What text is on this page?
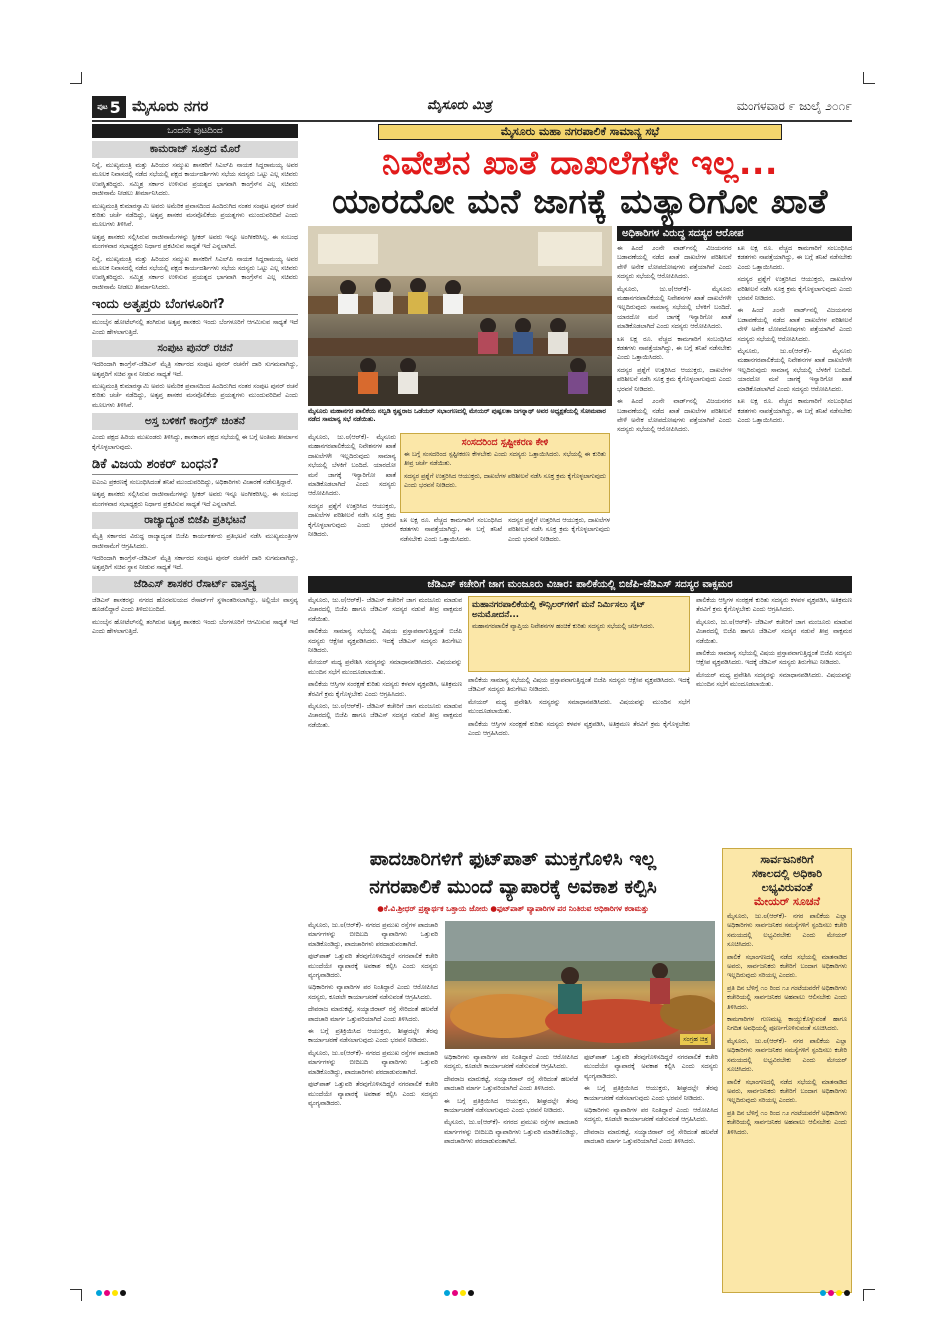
ಪುಟ 5 ಮೈಸೂರು ನಗರ	ಮೈಸೂರು ಮಿತ್ರ	ಮಂಗಳವಾರ ೯ ಜುಲೈ ೨೦೧೯
ಒಂದನೇ ಪುಟದಿಂದ
ಕಾಮರಾಜ್ ಸೂತ್ರದ ಮೊರೆ

ನಿನ್ನೆ, ಮುಖ್ಯಮಂತ್ರಿ ಮತ್ತು ಹಿರಿಯರ ಸಮ್ಮುಖ ಶಾಸಕರಿಗೆ ಸಿಎಲ್‌ಪಿ ನಾಯಕ ಸಿದ್ದರಾಮಯ್ಯ ಅವರ ಮೂಲಕ ನಿವಾಸದಲ್ಲಿ ನಡೆದ ಸಭೆಯಲ್ಲಿ ಪಕ್ಷದ ಕಾರ್ಯದರ್ಶಿಗಳು ಸಭೆಯ ಸದಸ್ಯರು ಒಟ್ಟು ಎಲ್ಲ ಸಚಿವರು ಉಪಸ್ಥಿತರಿದ್ದರು. ಸಮ್ಮಿಶ್ರ ಸರ್ಕಾರ ಉಳಿಸುವ ಪ್ರಯತ್ನದ ಭಾಗವಾಗಿ ಕಾಂಗ್ರೆಸ್‌ನ ಎಲ್ಲ ಸಚಿವರು ರಾಜೀನಾಮೆ ನೀಡಲು ತೀರ್ಮಾನಿಸಿದರು.

ಮುಖ್ಯಮಂತ್ರಿ ಕುಮಾರಸ್ವಾಮಿ ಅವರು ಅಮೆರಿಕ ಪ್ರವಾಸದಿಂದ ಹಿಂದಿರುಗಿದ ನಂತರ ಸಂಪುಟ ಪುನರ್ ರಚನೆ ಕುರಿತು ಚರ್ಚೆ ನಡೆದಿದ್ದು, ಅತೃಪ್ತ ಶಾಸಕರ ಮನವೊಲಿಕೆಯ ಪ್ರಯತ್ನಗಳು ಮುಂದುವರಿದಿವೆ ಎಂದು ಮೂಲಗಳು ತಿಳಿಸಿವೆ.

ಅತೃಪ್ತ ಶಾಸಕರು ಸಲ್ಲಿಸಿರುವ ರಾಜೀನಾಮೆಗಳನ್ನು ಸ್ಪೀಕರ್ ಅವರು ಇನ್ನೂ ಅಂಗೀಕರಿಸಿಲ್ಲ. ಈ ಸಂಬಂಧ ಮಂಗಳವಾರ ಸಭಾಧ್ಯಕ್ಷರು ನಿರ್ಧಾರ ಪ್ರಕಟಿಸುವ ಸಾಧ್ಯತೆ ಇದೆ ಎನ್ನಲಾಗಿದೆ.

ನಿನ್ನೆ, ಮುಖ್ಯಮಂತ್ರಿ ಮತ್ತು ಹಿರಿಯರ ಸಮ್ಮುಖ ಶಾಸಕರಿಗೆ ಸಿಎಲ್‌ಪಿ ನಾಯಕ ಸಿದ್ದರಾಮಯ್ಯ ಅವರ ಮೂಲಕ ನಿವಾಸದಲ್ಲಿ ನಡೆದ ಸಭೆಯಲ್ಲಿ ಪಕ್ಷದ ಕಾರ್ಯದರ್ಶಿಗಳು ಸಭೆಯ ಸದಸ್ಯರು ಒಟ್ಟು ಎಲ್ಲ ಸಚಿವರು ಉಪಸ್ಥಿತರಿದ್ದರು. ಸಮ್ಮಿಶ್ರ ಸರ್ಕಾರ ಉಳಿಸುವ ಪ್ರಯತ್ನದ ಭಾಗವಾಗಿ ಕಾಂಗ್ರೆಸ್‌ನ ಎಲ್ಲ ಸಚಿವರು ರಾಜೀನಾಮೆ ನೀಡಲು ತೀರ್ಮಾನಿಸಿದರು.

ಇಂದು ಅತೃಪ್ತರು ಬೆಂಗಳೂರಿಗೆ?

ಮುಂಬೈನ ಹೋಟೆಲ್‌ನಲ್ಲಿ ತಂಗಿರುವ ಅತೃಪ್ತ ಶಾಸಕರು ಇಂದು ಬೆಂಗಳೂರಿಗೆ ಆಗಮಿಸುವ ಸಾಧ್ಯತೆ ಇದೆ ಎಂದು ಹೇಳಲಾಗುತ್ತಿದೆ.

ಸಂಪುಟ ಪುನರ್ ರಚನೆ

ಇದರಿಂದಾಗಿ ಕಾಂಗ್ರೆಸ್-ಜೆಡಿಎಸ್ ಮೈತ್ರಿ ಸರ್ಕಾರದ ಸಂಪುಟ ಪುನರ್ ರಚನೆಗೆ ದಾರಿ ಸುಗಮವಾಗಿದ್ದು, ಅತೃಪ್ತರಿಗೆ ಸಚಿವ ಸ್ಥಾನ ನೀಡುವ ಸಾಧ್ಯತೆ ಇದೆ.

ಮುಖ್ಯಮಂತ್ರಿ ಕುಮಾರಸ್ವಾಮಿ ಅವರು ಅಮೆರಿಕ ಪ್ರವಾಸದಿಂದ ಹಿಂದಿರುಗಿದ ನಂತರ ಸಂಪುಟ ಪುನರ್ ರಚನೆ ಕುರಿತು ಚರ್ಚೆ ನಡೆದಿದ್ದು, ಅತೃಪ್ತ ಶಾಸಕರ ಮನವೊಲಿಕೆಯ ಪ್ರಯತ್ನಗಳು ಮುಂದುವರಿದಿವೆ ಎಂದು ಮೂಲಗಳು ತಿಳಿಸಿವೆ.

ಅಸ್ತ ಬಳಿಕಗೆ ಕಾಂಗ್ರೆಸ್ ಚಿಂತನೆ

ಎಂದು ಪಕ್ಷದ ಹಿರಿಯ ಮುಖಂಡರು ತಿಳಿಸಿದ್ದು, ಶಾಸಕಾಂಗ ಪಕ್ಷದ ಸಭೆಯಲ್ಲಿ ಈ ಬಗ್ಗೆ ಅಂತಿಮ ತೀರ್ಮಾನ ಕೈಗೊಳ್ಳಲಾಗುವುದು.

ಡಿಕೆ ವಿಜಯ ಶಂಕರ್ ಬಂಧನ?

ಐಎಂಎ ಪ್ರಕರಣಕ್ಕೆ ಸಂಬಂಧಿಸಿದಂತೆ ತನಿಖೆ ಮುಂದುವರಿದಿದ್ದು, ಅಧಿಕಾರಿಗಳು ವಿಚಾರಣೆ ನಡೆಸುತ್ತಿದ್ದಾರೆ.

ಅತೃಪ್ತ ಶಾಸಕರು ಸಲ್ಲಿಸಿರುವ ರಾಜೀನಾಮೆಗಳನ್ನು ಸ್ಪೀಕರ್ ಅವರು ಇನ್ನೂ ಅಂಗೀಕರಿಸಿಲ್ಲ. ಈ ಸಂಬಂಧ ಮಂಗಳವಾರ ಸಭಾಧ್ಯಕ್ಷರು ನಿರ್ಧಾರ ಪ್ರಕಟಿಸುವ ಸಾಧ್ಯತೆ ಇದೆ ಎನ್ನಲಾಗಿದೆ.

ರಾಜ್ಯಾದ್ಯಂತ ಬಿಜೆಪಿ ಪ್ರತಿಭಟನೆ

ಮೈತ್ರಿ ಸರ್ಕಾರದ ವಿರುದ್ಧ ರಾಜ್ಯಾದ್ಯಂತ ಬಿಜೆಪಿ ಕಾರ್ಯಕರ್ತರು ಪ್ರತಿಭಟನೆ ನಡೆಸಿ ಮುಖ್ಯಮಂತ್ರಿಗಳ ರಾಜೀನಾಮೆಗೆ ಆಗ್ರಹಿಸಿದರು.

ಇದರಿಂದಾಗಿ ಕಾಂಗ್ರೆಸ್-ಜೆಡಿಎಸ್ ಮೈತ್ರಿ ಸರ್ಕಾರದ ಸಂಪುಟ ಪುನರ್ ರಚನೆಗೆ ದಾರಿ ಸುಗಮವಾಗಿದ್ದು, ಅತೃಪ್ತರಿಗೆ ಸಚಿವ ಸ್ಥಾನ ನೀಡುವ ಸಾಧ್ಯತೆ ಇದೆ.

ಜೆಡಿಎಸ್ ಶಾಸಕರ ರೆಸಾರ್ಟ್ ವಾಸ್ತವ್ಯ

ಜೆಡಿಎಸ್ ಶಾಸಕರನ್ನು ನಗರದ ಹೊರವಲಯದ ರೆಸಾರ್ಟ್‌ಗೆ ಸ್ಥಳಾಂತರಿಸಲಾಗಿದ್ದು, ಅಲ್ಲಿಯೇ ವಾಸ್ತವ್ಯ ಹೂಡಲಿದ್ದಾರೆ ಎಂದು ತಿಳಿದುಬಂದಿದೆ.

ಮುಂಬೈನ ಹೋಟೆಲ್‌ನಲ್ಲಿ ತಂಗಿರುವ ಅತೃಪ್ತ ಶಾಸಕರು ಇಂದು ಬೆಂಗಳೂರಿಗೆ ಆಗಮಿಸುವ ಸಾಧ್ಯತೆ ಇದೆ ಎಂದು ಹೇಳಲಾಗುತ್ತಿದೆ.

ಮೈಸೂರು ಮಹಾ ನಗರಪಾಲಿಕೆ ಸಾಮಾನ್ಯ ಸಭೆ
ನಿವೇಶನ ಖಾತೆ ದಾಖಲೆಗಳೇ ಇಲ್ಲ...
ಯಾರದೋ ಮನೆ ಜಾಗಕ್ಕೆ ಮತ್ಯಾರಿಗೋ ಖಾತೆ
ಮೈಸೂರು ಮಹಾನಗರ ಪಾಲಿಕೆಯ ನಲ್ವಡಿ ಕೃಷ್ಣರಾಜ ಒಡೆಯರ್ ಸಭಾಂಗಣದಲ್ಲಿ ಮೇಯರ್ ಪುಷ್ಪಲತಾ ಜಗನ್ನಾಥ್ ಅವರ ಅಧ್ಯಕ್ಷತೆಯಲ್ಲಿ ಸೋಮವಾರ ನಡೆದ ಸಾಮಾನ್ಯ ಸಭೆ ನಡೆಯಿತು.
ಅಧಿಕಾರಿಗಳ ವಿರುದ್ಧ ಸದಸ್ಯರ ಆರೋಪ

ಈ ಹಿಂದೆ ೨೦ನೇ ವಾರ್ಡ್‌ನಲ್ಲಿ ವಿಜಯನಗರ ಬಡಾವಣೆಯಲ್ಲಿ ನಡೆದ ಖಾತೆ ದಾಖಲೆಗಳ ಪರಿಶೀಲನೆ ವೇಳೆ ಅನೇಕ ಲೋಪದೋಷಗಳು ಪತ್ತೆಯಾಗಿವೆ ಎಂದು ಸದಸ್ಯರು ಸಭೆಯಲ್ಲಿ ಆರೋಪಿಸಿದರು.

ಮೈಸೂರು, ಜು.೮(ಆರ್‌ಕೆ)- ಮೈಸೂರು ಮಹಾನಗರಪಾಲಿಕೆಯಲ್ಲಿ ನಿವೇಶನಗಳ ಖಾತೆ ದಾಖಲೆಗಳೇ ಇಲ್ಲದಿರುವುದು ಸಾಮಾನ್ಯ ಸಭೆಯಲ್ಲಿ ಬೆಳಕಿಗೆ ಬಂದಿದೆ. ಯಾರದೋ ಮನೆ ಜಾಗಕ್ಕೆ ಇನ್ಯಾರಿಗೋ ಖಾತೆ ಮಾಡಿಕೊಡಲಾಗಿದೆ ಎಂದು ಸದಸ್ಯರು ಆರೋಪಿಸಿದರು.

೩೫ ಲಕ್ಷ ರೂ. ವೆಚ್ಚದ ಕಾಮಗಾರಿಗೆ ಸಂಬಂಧಿಸಿದ ಕಡತಗಳು ನಾಪತ್ತೆಯಾಗಿದ್ದು, ಈ ಬಗ್ಗೆ ತನಿಖೆ ನಡೆಸಬೇಕು ಎಂದು ಒತ್ತಾಯಿಸಿದರು.

ಸದಸ್ಯರ ಪ್ರಶ್ನೆಗೆ ಉತ್ತರಿಸಿದ ಆಯುಕ್ತರು, ದಾಖಲೆಗಳ ಪರಿಶೀಲನೆ ನಡೆಸಿ ಸೂಕ್ತ ಕ್ರಮ ಕೈಗೊಳ್ಳಲಾಗುವುದು ಎಂದು ಭರವಸೆ ನೀಡಿದರು.

ಈ ಹಿಂದೆ ೨೦ನೇ ವಾರ್ಡ್‌ನಲ್ಲಿ ವಿಜಯನಗರ ಬಡಾವಣೆಯಲ್ಲಿ ನಡೆದ ಖಾತೆ ದಾಖಲೆಗಳ ಪರಿಶೀಲನೆ ವೇಳೆ ಅನೇಕ ಲೋಪದೋಷಗಳು ಪತ್ತೆಯಾಗಿವೆ ಎಂದು ಸದಸ್ಯರು ಸಭೆಯಲ್ಲಿ ಆರೋಪಿಸಿದರು.

೩೫ ಲಕ್ಷ ರೂ. ವೆಚ್ಚದ ಕಾಮಗಾರಿಗೆ ಸಂಬಂಧಿಸಿದ ಕಡತಗಳು ನಾಪತ್ತೆಯಾಗಿದ್ದು, ಈ ಬಗ್ಗೆ ತನಿಖೆ ನಡೆಸಬೇಕು ಎಂದು ಒತ್ತಾಯಿಸಿದರು.

ಸದಸ್ಯರ ಪ್ರಶ್ನೆಗೆ ಉತ್ತರಿಸಿದ ಆಯುಕ್ತರು, ದಾಖಲೆಗಳ ಪರಿಶೀಲನೆ ನಡೆಸಿ ಸೂಕ್ತ ಕ್ರಮ ಕೈಗೊಳ್ಳಲಾಗುವುದು ಎಂದು ಭರವಸೆ ನೀಡಿದರು.

ಈ ಹಿಂದೆ ೨೦ನೇ ವಾರ್ಡ್‌ನಲ್ಲಿ ವಿಜಯನಗರ ಬಡಾವಣೆಯಲ್ಲಿ ನಡೆದ ಖಾತೆ ದಾಖಲೆಗಳ ಪರಿಶೀಲನೆ ವೇಳೆ ಅನೇಕ ಲೋಪದೋಷಗಳು ಪತ್ತೆಯಾಗಿವೆ ಎಂದು ಸದಸ್ಯರು ಸಭೆಯಲ್ಲಿ ಆರೋಪಿಸಿದರು.

ಮೈಸೂರು, ಜು.೮(ಆರ್‌ಕೆ)- ಮೈಸೂರು ಮಹಾನಗರಪಾಲಿಕೆಯಲ್ಲಿ ನಿವೇಶನಗಳ ಖಾತೆ ದಾಖಲೆಗಳೇ ಇಲ್ಲದಿರುವುದು ಸಾಮಾನ್ಯ ಸಭೆಯಲ್ಲಿ ಬೆಳಕಿಗೆ ಬಂದಿದೆ. ಯಾರದೋ ಮನೆ ಜಾಗಕ್ಕೆ ಇನ್ಯಾರಿಗೋ ಖಾತೆ ಮಾಡಿಕೊಡಲಾಗಿದೆ ಎಂದು ಸದಸ್ಯರು ಆರೋಪಿಸಿದರು.

೩೫ ಲಕ್ಷ ರೂ. ವೆಚ್ಚದ ಕಾಮಗಾರಿಗೆ ಸಂಬಂಧಿಸಿದ ಕಡತಗಳು ನಾಪತ್ತೆಯಾಗಿದ್ದು, ಈ ಬಗ್ಗೆ ತನಿಖೆ ನಡೆಸಬೇಕು ಎಂದು ಒತ್ತಾಯಿಸಿದರು.

ಮೈಸೂರು, ಜು.೮(ಆರ್‌ಕೆ)- ಮೈಸೂರು ಮಹಾನಗರಪಾಲಿಕೆಯಲ್ಲಿ ನಿವೇಶನಗಳ ಖಾತೆ ದಾಖಲೆಗಳೇ ಇಲ್ಲದಿರುವುದು ಸಾಮಾನ್ಯ ಸಭೆಯಲ್ಲಿ ಬೆಳಕಿಗೆ ಬಂದಿದೆ. ಯಾರದೋ ಮನೆ ಜಾಗಕ್ಕೆ ಇನ್ಯಾರಿಗೋ ಖಾತೆ ಮಾಡಿಕೊಡಲಾಗಿದೆ ಎಂದು ಸದಸ್ಯರು ಆರೋಪಿಸಿದರು.

ಸದಸ್ಯರ ಪ್ರಶ್ನೆಗೆ ಉತ್ತರಿಸಿದ ಆಯುಕ್ತರು, ದಾಖಲೆಗಳ ಪರಿಶೀಲನೆ ನಡೆಸಿ ಸೂಕ್ತ ಕ್ರಮ ಕೈಗೊಳ್ಳಲಾಗುವುದು ಎಂದು ಭರವಸೆ ನೀಡಿದರು.

ಸಂಸದರಿಂದ ಸ್ಪಷ್ಟೀಕರಣ ಕೇಳಿ

ಈ ಬಗ್ಗೆ ಸಂಸದರಿಂದ ಸ್ಪಷ್ಟೀಕರಣ ಕೇಳಬೇಕು ಎಂದು ಸದಸ್ಯರು ಒತ್ತಾಯಿಸಿದರು. ಸಭೆಯಲ್ಲಿ ಈ ಕುರಿತು ತೀವ್ರ ಚರ್ಚೆ ನಡೆಯಿತು.

ಸದಸ್ಯರ ಪ್ರಶ್ನೆಗೆ ಉತ್ತರಿಸಿದ ಆಯುಕ್ತರು, ದಾಖಲೆಗಳ ಪರಿಶೀಲನೆ ನಡೆಸಿ ಸೂಕ್ತ ಕ್ರಮ ಕೈಗೊಳ್ಳಲಾಗುವುದು ಎಂದು ಭರವಸೆ ನೀಡಿದರು.

೩೫ ಲಕ್ಷ ರೂ. ವೆಚ್ಚದ ಕಾಮಗಾರಿಗೆ ಸಂಬಂಧಿಸಿದ ಕಡತಗಳು ನಾಪತ್ತೆಯಾಗಿದ್ದು, ಈ ಬಗ್ಗೆ ತನಿಖೆ ನಡೆಸಬೇಕು ಎಂದು ಒತ್ತಾಯಿಸಿದರು.

ಸದಸ್ಯರ ಪ್ರಶ್ನೆಗೆ ಉತ್ತರಿಸಿದ ಆಯುಕ್ತರು, ದಾಖಲೆಗಳ ಪರಿಶೀಲನೆ ನಡೆಸಿ ಸೂಕ್ತ ಕ್ರಮ ಕೈಗೊಳ್ಳಲಾಗುವುದು ಎಂದು ಭರವಸೆ ನೀಡಿದರು.

ಜೆಡಿಎಸ್ ಕಚೇರಿಗೆ ಜಾಗ ಮಂಜೂರು ವಿಚಾರ: ಪಾಲಿಕೆಯಲ್ಲಿ ಬಿಜೆಪಿ-ಜೆಡಿಎಸ್ ಸದಸ್ಯರ ವಾಕ್ಸಮರ

ಮೈಸೂರು, ಜು.೮(ಆರ್‌ಕೆ)- ಜೆಡಿಎಸ್ ಕಚೇರಿಗೆ ಜಾಗ ಮಂಜೂರು ಮಾಡುವ ವಿಚಾರದಲ್ಲಿ ಬಿಜೆಪಿ ಹಾಗೂ ಜೆಡಿಎಸ್ ಸದಸ್ಯರ ನಡುವೆ ತೀವ್ರ ವಾಕ್ಸಮರ ನಡೆಯಿತು.

ಪಾಲಿಕೆಯ ಸಾಮಾನ್ಯ ಸಭೆಯಲ್ಲಿ ವಿಷಯ ಪ್ರಸ್ತಾಪವಾಗುತ್ತಿದ್ದಂತೆ ಬಿಜೆಪಿ ಸದಸ್ಯರು ಆಕ್ಷೇಪ ವ್ಯಕ್ತಪಡಿಸಿದರು. ಇದಕ್ಕೆ ಜೆಡಿಎಸ್ ಸದಸ್ಯರು ತಿರುಗೇಟು ನೀಡಿದರು.

ಮೇಯರ್ ಮಧ್ಯ ಪ್ರವೇಶಿಸಿ ಸದಸ್ಯರನ್ನು ಸಮಾಧಾನಪಡಿಸಿದರು. ವಿಷಯವನ್ನು ಮುಂದಿನ ಸಭೆಗೆ ಮುಂದೂಡಲಾಯಿತು.

ಪಾಲಿಕೆಯ ಆಸ್ತಿಗಳ ಸಂರಕ್ಷಣೆ ಕುರಿತು ಸದಸ್ಯರು ಕಳವಳ ವ್ಯಕ್ತಪಡಿಸಿ, ಅತಿಕ್ರಮಣ ತೆರವಿಗೆ ಕ್ರಮ ಕೈಗೊಳ್ಳಬೇಕು ಎಂದು ಆಗ್ರಹಿಸಿದರು.

ಮೈಸೂರು, ಜು.೮(ಆರ್‌ಕೆ)- ಜೆಡಿಎಸ್ ಕಚೇರಿಗೆ ಜಾಗ ಮಂಜೂರು ಮಾಡುವ ವಿಚಾರದಲ್ಲಿ ಬಿಜೆಪಿ ಹಾಗೂ ಜೆಡಿಎಸ್ ಸದಸ್ಯರ ನಡುವೆ ತೀವ್ರ ವಾಕ್ಸಮರ ನಡೆಯಿತು.

ಪಾಲಿಕೆಯ ಸಾಮಾನ್ಯ ಸಭೆಯಲ್ಲಿ ವಿಷಯ ಪ್ರಸ್ತಾಪವಾಗುತ್ತಿದ್ದಂತೆ ಬಿಜೆಪಿ ಸದಸ್ಯರು ಆಕ್ಷೇಪ ವ್ಯಕ್ತಪಡಿಸಿದರು. ಇದಕ್ಕೆ ಜೆಡಿಎಸ್ ಸದಸ್ಯರು ತಿರುಗೇಟು ನೀಡಿದರು.

ಮೇಯರ್ ಮಧ್ಯ ಪ್ರವೇಶಿಸಿ ಸದಸ್ಯರನ್ನು ಸಮಾಧಾನಪಡಿಸಿದರು. ವಿಷಯವನ್ನು ಮುಂದಿನ ಸಭೆಗೆ ಮುಂದೂಡಲಾಯಿತು.

ಪಾಲಿಕೆಯ ಆಸ್ತಿಗಳ ಸಂರಕ್ಷಣೆ ಕುರಿತು ಸದಸ್ಯರು ಕಳವಳ ವ್ಯಕ್ತಪಡಿಸಿ, ಅತಿಕ್ರಮಣ ತೆರವಿಗೆ ಕ್ರಮ ಕೈಗೊಳ್ಳಬೇಕು ಎಂದು ಆಗ್ರಹಿಸಿದರು.

ಪಾಲಿಕೆಯ ಆಸ್ತಿಗಳ ಸಂರಕ್ಷಣೆ ಕುರಿತು ಸದಸ್ಯರು ಕಳವಳ ವ್ಯಕ್ತಪಡಿಸಿ, ಅತಿಕ್ರಮಣ ತೆರವಿಗೆ ಕ್ರಮ ಕೈಗೊಳ್ಳಬೇಕು ಎಂದು ಆಗ್ರಹಿಸಿದರು.

ಮೈಸೂರು, ಜು.೮(ಆರ್‌ಕೆ)- ಜೆಡಿಎಸ್ ಕಚೇರಿಗೆ ಜಾಗ ಮಂಜೂರು ಮಾಡುವ ವಿಚಾರದಲ್ಲಿ ಬಿಜೆಪಿ ಹಾಗೂ ಜೆಡಿಎಸ್ ಸದಸ್ಯರ ನಡುವೆ ತೀವ್ರ ವಾಕ್ಸಮರ ನಡೆಯಿತು.

ಪಾಲಿಕೆಯ ಸಾಮಾನ್ಯ ಸಭೆಯಲ್ಲಿ ವಿಷಯ ಪ್ರಸ್ತಾಪವಾಗುತ್ತಿದ್ದಂತೆ ಬಿಜೆಪಿ ಸದಸ್ಯರು ಆಕ್ಷೇಪ ವ್ಯಕ್ತಪಡಿಸಿದರು. ಇದಕ್ಕೆ ಜೆಡಿಎಸ್ ಸದಸ್ಯರು ತಿರುಗೇಟು ನೀಡಿದರು.

ಮೇಯರ್ ಮಧ್ಯ ಪ್ರವೇಶಿಸಿ ಸದಸ್ಯರನ್ನು ಸಮಾಧಾನಪಡಿಸಿದರು. ವಿಷಯವನ್ನು ಮುಂದಿನ ಸಭೆಗೆ ಮುಂದೂಡಲಾಯಿತು.

ಮಹಾನಗರಪಾಲಿಕೆಯಲ್ಲಿ ಕೌನ್ಸಿಲರ್‌ಗಳಿಗೆ ಮನೆ ನಿರ್ಮಿಸಲು ಸೈಟ್ ಅನುಮೋದನೆ...

ಮಹಾನಗರಪಾಲಿಕೆ ವ್ಯಾಪ್ತಿಯ ನಿವೇಶನಗಳ ಹಂಚಿಕೆ ಕುರಿತು ಸದಸ್ಯರು ಸಭೆಯಲ್ಲಿ ಚರ್ಚಿಸಿದರು.

ಪಾದಚಾರಿಗಳಿಗೆ ಫುಟ್‌ಪಾತ್ ಮುಕ್ತಗೊಳಿಸಿ ಇಲ್ಲ
ನಗರಪಾಲಿಕೆ ಮುಂದೆ ವ್ಯಾಪಾರಕ್ಕೆ ಅವಕಾಶ ಕಲ್ಪಿಸಿ
●ಕೆ.ವಿ.ಶ್ರೀಧರ್ ಪ್ರಶ್ನಾರ್ಥಕ ಒತ್ತಾಯ ಜೋರು ●ಫುಟ್‌ಪಾತ್ ವ್ಯಾಪಾರಿಗಳ ಪರ ನಿಂತಿರುವ ಅಧಿಕಾರಿಗಳ ಕರಾಮತ್ತು

ಮೈಸೂರು, ಜು.೮(ಆರ್‌ಕೆ)- ನಗರದ ಪ್ರಮುಖ ರಸ್ತೆಗಳ ಪಾದಚಾರಿ ಮಾರ್ಗಗಳನ್ನು ಬೀದಿಬದಿ ವ್ಯಾಪಾರಿಗಳು ಒತ್ತುವರಿ ಮಾಡಿಕೊಂಡಿದ್ದು, ಪಾದಚಾರಿಗಳು ಪರದಾಡುವಂತಾಗಿದೆ.

ಫುಟ್‌ಪಾತ್ ಒತ್ತುವರಿ ತೆರವುಗೊಳಿಸದಿದ್ದರೆ ನಗರಪಾಲಿಕೆ ಕಚೇರಿ ಮುಂದೆಯೇ ವ್ಯಾಪಾರಕ್ಕೆ ಅವಕಾಶ ಕಲ್ಪಿಸಿ ಎಂದು ಸದಸ್ಯರು ವ್ಯಂಗ್ಯವಾಡಿದರು.

ಅಧಿಕಾರಿಗಳು ವ್ಯಾಪಾರಿಗಳ ಪರ ನಿಂತಿದ್ದಾರೆ ಎಂದು ಆರೋಪಿಸಿದ ಸದಸ್ಯರು, ಕೂಡಲೇ ಕಾರ್ಯಾಚರಣೆ ನಡೆಸುವಂತೆ ಆಗ್ರಹಿಸಿದರು.

ದೇವರಾಜ ಮಾರುಕಟ್ಟೆ, ಸಯ್ಯಾಜಿರಾವ್ ರಸ್ತೆ ಸೇರಿದಂತೆ ಹಲವೆಡೆ ಪಾದಚಾರಿ ಮಾರ್ಗ ಒತ್ತುವರಿಯಾಗಿದೆ ಎಂದು ತಿಳಿಸಿದರು.

ಈ ಬಗ್ಗೆ ಪ್ರತಿಕ್ರಿಯಿಸಿದ ಆಯುಕ್ತರು, ಶೀಘ್ರದಲ್ಲೇ ತೆರವು ಕಾರ್ಯಾಚರಣೆ ನಡೆಸಲಾಗುವುದು ಎಂದು ಭರವಸೆ ನೀಡಿದರು.

ಮೈಸೂರು, ಜು.೮(ಆರ್‌ಕೆ)- ನಗರದ ಪ್ರಮುಖ ರಸ್ತೆಗಳ ಪಾದಚಾರಿ ಮಾರ್ಗಗಳನ್ನು ಬೀದಿಬದಿ ವ್ಯಾಪಾರಿಗಳು ಒತ್ತುವರಿ ಮಾಡಿಕೊಂಡಿದ್ದು, ಪಾದಚಾರಿಗಳು ಪರದಾಡುವಂತಾಗಿದೆ.

ಫುಟ್‌ಪಾತ್ ಒತ್ತುವರಿ ತೆರವುಗೊಳಿಸದಿದ್ದರೆ ನಗರಪಾಲಿಕೆ ಕಚೇರಿ ಮುಂದೆಯೇ ವ್ಯಾಪಾರಕ್ಕೆ ಅವಕಾಶ ಕಲ್ಪಿಸಿ ಎಂದು ಸದಸ್ಯರು ವ್ಯಂಗ್ಯವಾಡಿದರು.

ಅಧಿಕಾರಿಗಳು ವ್ಯಾಪಾರಿಗಳ ಪರ ನಿಂತಿದ್ದಾರೆ ಎಂದು ಆರೋಪಿಸಿದ ಸದಸ್ಯರು, ಕೂಡಲೇ ಕಾರ್ಯಾಚರಣೆ ನಡೆಸುವಂತೆ ಆಗ್ರಹಿಸಿದರು.

ದೇವರಾಜ ಮಾರುಕಟ್ಟೆ, ಸಯ್ಯಾಜಿರಾವ್ ರಸ್ತೆ ಸೇರಿದಂತೆ ಹಲವೆಡೆ ಪಾದಚಾರಿ ಮಾರ್ಗ ಒತ್ತುವರಿಯಾಗಿದೆ ಎಂದು ತಿಳಿಸಿದರು.

ಈ ಬಗ್ಗೆ ಪ್ರತಿಕ್ರಿಯಿಸಿದ ಆಯುಕ್ತರು, ಶೀಘ್ರದಲ್ಲೇ ತೆರವು ಕಾರ್ಯಾಚರಣೆ ನಡೆಸಲಾಗುವುದು ಎಂದು ಭರವಸೆ ನೀಡಿದರು.

ಮೈಸೂರು, ಜು.೮(ಆರ್‌ಕೆ)- ನಗರದ ಪ್ರಮುಖ ರಸ್ತೆಗಳ ಪಾದಚಾರಿ ಮಾರ್ಗಗಳನ್ನು ಬೀದಿಬದಿ ವ್ಯಾಪಾರಿಗಳು ಒತ್ತುವರಿ ಮಾಡಿಕೊಂಡಿದ್ದು, ಪಾದಚಾರಿಗಳು ಪರದಾಡುವಂತಾಗಿದೆ.

ಫುಟ್‌ಪಾತ್ ಒತ್ತುವರಿ ತೆರವುಗೊಳಿಸದಿದ್ದರೆ ನಗರಪಾಲಿಕೆ ಕಚೇರಿ ಮುಂದೆಯೇ ವ್ಯಾಪಾರಕ್ಕೆ ಅವಕಾಶ ಕಲ್ಪಿಸಿ ಎಂದು ಸದಸ್ಯರು ವ್ಯಂಗ್ಯವಾಡಿದರು.

ಈ ಬಗ್ಗೆ ಪ್ರತಿಕ್ರಿಯಿಸಿದ ಆಯುಕ್ತರು, ಶೀಘ್ರದಲ್ಲೇ ತೆರವು ಕಾರ್ಯಾಚರಣೆ ನಡೆಸಲಾಗುವುದು ಎಂದು ಭರವಸೆ ನೀಡಿದರು.

ಅಧಿಕಾರಿಗಳು ವ್ಯಾಪಾರಿಗಳ ಪರ ನಿಂತಿದ್ದಾರೆ ಎಂದು ಆರೋಪಿಸಿದ ಸದಸ್ಯರು, ಕೂಡಲೇ ಕಾರ್ಯಾಚರಣೆ ನಡೆಸುವಂತೆ ಆಗ್ರಹಿಸಿದರು.

ದೇವರಾಜ ಮಾರುಕಟ್ಟೆ, ಸಯ್ಯಾಜಿರಾವ್ ರಸ್ತೆ ಸೇರಿದಂತೆ ಹಲವೆಡೆ ಪಾದಚಾರಿ ಮಾರ್ಗ ಒತ್ತುವರಿಯಾಗಿದೆ ಎಂದು ತಿಳಿಸಿದರು.

ಸಂಗ್ರಹ ಚಿತ್ರ
ಸಾರ್ವಜನಿಕರಿಗೆ
ಸಕಾಲದಲ್ಲಿ ಅಧಿಕಾರಿ
ಲಭ್ಯವಿರುವಂತೆ
ಮೇಯರ್ ಸೂಚನೆ

ಮೈಸೂರು, ಜು.೮(ಆರ್‌ಕೆ)- ನಗರ ಪಾಲಿಕೆಯ ಎಲ್ಲಾ ಅಧಿಕಾರಿಗಳು ಸಾರ್ವಜನಿಕರ ಸಮಸ್ಯೆಗಳಿಗೆ ಸ್ಪಂದಿಸಲು ಕಚೇರಿ ಸಮಯದಲ್ಲಿ ಲಭ್ಯವಿರಬೇಕು ಎಂದು ಮೇಯರ್ ಸೂಚಿಸಿದರು.

ಪಾಲಿಕೆ ಸಭಾಂಗಣದಲ್ಲಿ ನಡೆದ ಸಭೆಯಲ್ಲಿ ಮಾತನಾಡಿದ ಅವರು, ಸಾರ್ವಜನಿಕರು ಕಚೇರಿಗೆ ಬಂದಾಗ ಅಧಿಕಾರಿಗಳು ಇಲ್ಲದಿರುವುದು ಸರಿಯಲ್ಲ ಎಂದರು.

ಪ್ರತಿ ದಿನ ಬೆಳಿಗ್ಗೆ ೧೦ ರಿಂದ ೧೨ ಗಂಟೆಯವರೆಗೆ ಅಧಿಕಾರಿಗಳು ಕಚೇರಿಯಲ್ಲಿ ಸಾರ್ವಜನಿಕರ ಅಹವಾಲು ಆಲಿಸಬೇಕು ಎಂದು ತಿಳಿಸಿದರು.

ಕಾಮಗಾರಿಗಳ ಗುಣಮಟ್ಟ ಕಾಯ್ದುಕೊಳ್ಳುವಂತೆ ಹಾಗೂ ನಿಗದಿತ ಅವಧಿಯಲ್ಲಿ ಪೂರ್ಣಗೊಳಿಸುವಂತೆ ಸೂಚಿಸಿದರು.

ಮೈಸೂರು, ಜು.೮(ಆರ್‌ಕೆ)- ನಗರ ಪಾಲಿಕೆಯ ಎಲ್ಲಾ ಅಧಿಕಾರಿಗಳು ಸಾರ್ವಜನಿಕರ ಸಮಸ್ಯೆಗಳಿಗೆ ಸ್ಪಂದಿಸಲು ಕಚೇರಿ ಸಮಯದಲ್ಲಿ ಲಭ್ಯವಿರಬೇಕು ಎಂದು ಮೇಯರ್ ಸೂಚಿಸಿದರು.

ಪಾಲಿಕೆ ಸಭಾಂಗಣದಲ್ಲಿ ನಡೆದ ಸಭೆಯಲ್ಲಿ ಮಾತನಾಡಿದ ಅವರು, ಸಾರ್ವಜನಿಕರು ಕಚೇರಿಗೆ ಬಂದಾಗ ಅಧಿಕಾರಿಗಳು ಇಲ್ಲದಿರುವುದು ಸರಿಯಲ್ಲ ಎಂದರು.

ಪ್ರತಿ ದಿನ ಬೆಳಿಗ್ಗೆ ೧೦ ರಿಂದ ೧೨ ಗಂಟೆಯವರೆಗೆ ಅಧಿಕಾರಿಗಳು ಕಚೇರಿಯಲ್ಲಿ ಸಾರ್ವಜನಿಕರ ಅಹವಾಲು ಆಲಿಸಬೇಕು ಎಂದು ತಿಳಿಸಿದರು.
